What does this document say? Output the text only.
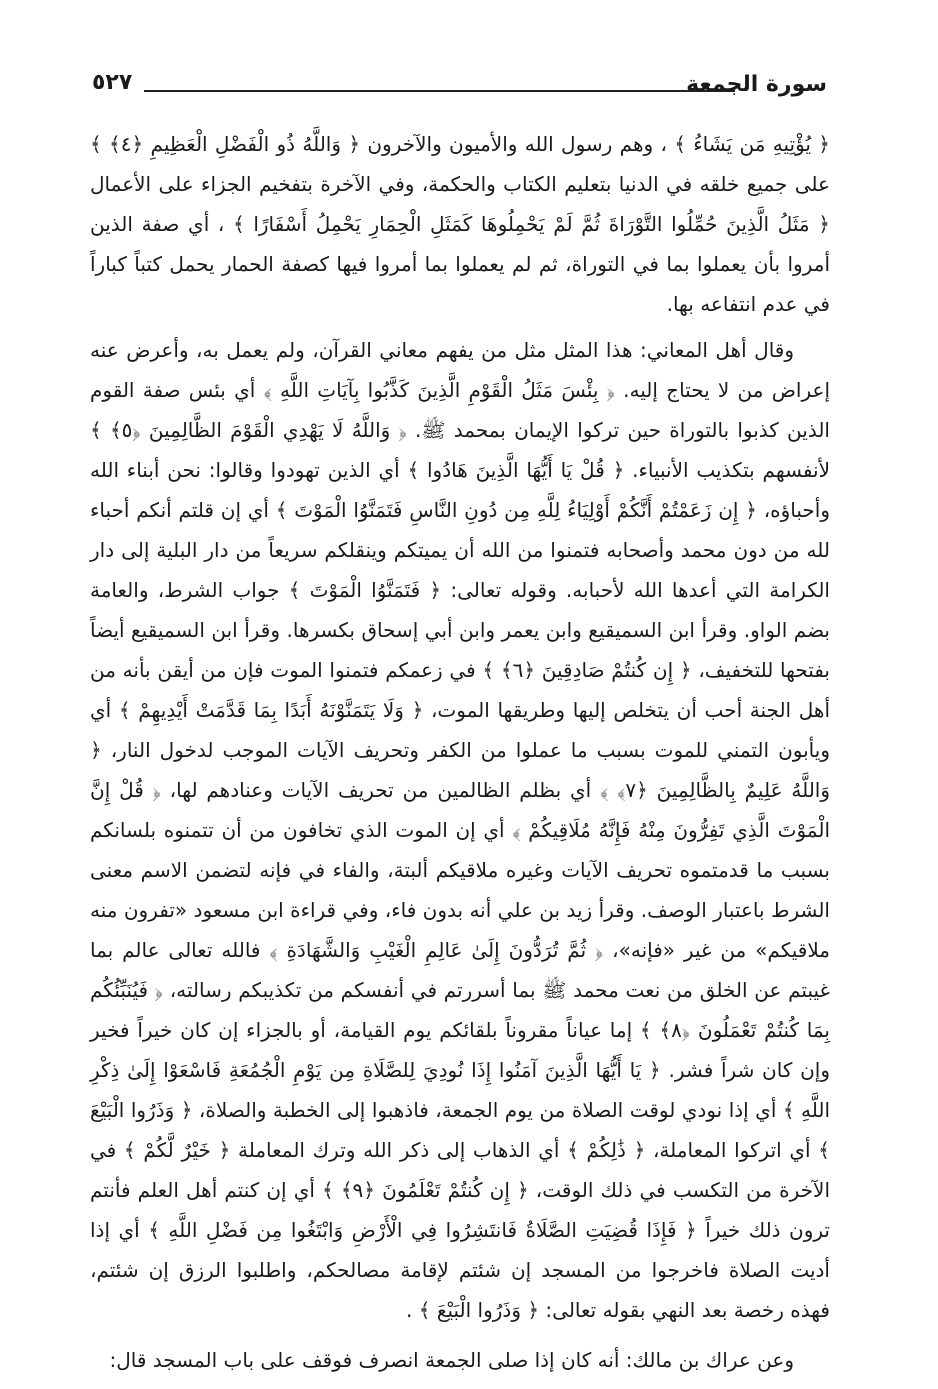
٥٢٧	سورة الجمعة

﴿ يُؤْتِيهِ مَن يَشَاءُ ﴾ ، وهم رسول الله والأميون والآخرون ﴿ وَاللَّهُ ذُو الْفَضْلِ الْعَظِيمِ ﴿٤﴾ ﴾ على جميع خلقه في الدنيا بتعليم الكتاب والحكمة، وفي الآخرة بتفخيم الجزاء على الأعمال ﴿ مَثَلُ الَّذِينَ حُمِّلُوا التَّوْرَاةَ ثُمَّ لَمْ يَحْمِلُوهَا كَمَثَلِ الْحِمَارِ يَحْمِلُ أَسْفَارًا ﴾ ، أي صفة الذين أمروا بأن يعملوا بما في التوراة، ثم لم يعملوا بما أمروا فيها كصفة الحمار يحمل كتباً كباراً في عدم انتفاعه بها.

وقال أهل المعاني: هذا المثل مثل من يفهم معاني القرآن، ولم يعمل به، وأعرض عنه إعراض من لا يحتاج إليه. ﴿ بِئْسَ مَثَلُ الْقَوْمِ الَّذِينَ كَذَّبُوا بِآيَاتِ اللَّهِ ﴾ أي بئس صفة القوم الذين كذبوا بالتوراة حين تركوا الإيمان بمحمد ﷺ. ﴿ وَاللَّهُ لَا يَهْدِي الْقَوْمَ الظَّالِمِينَ ﴿٥﴾ ﴾ لأنفسهم بتكذيب الأنبياء. ﴿ قُلْ يَا أَيُّهَا الَّذِينَ هَادُوا ﴾ أي الذين تهودوا وقالوا: نحن أبناء الله وأحباؤه، ﴿ إِن زَعَمْتُمْ أَنَّكُمْ أَوْلِيَاءُ لِلَّهِ مِن دُونِ النَّاسِ فَتَمَنَّوُا الْمَوْتَ ﴾ أي إن قلتم أنكم أحباء لله من دون محمد وأصحابه فتمنوا من الله أن يميتكم وينقلكم سريعاً من دار البلية إلى دار الكرامة التي أعدها الله لأحبابه. وقوله تعالى: ﴿ فَتَمَنَّوُا الْمَوْتَ ﴾ جواب الشرط، والعامة بضم الواو. وقرأ ابن السميقيع وابن يعمر وابن أبي إسحاق بكسرها. وقرأ ابن السميقيع أيضاً بفتحها للتخفيف، ﴿ إِن كُنتُمْ صَادِقِينَ ﴿٦﴾ ﴾ في زعمكم فتمنوا الموت فإن من أيقن بأنه من أهل الجنة أحب أن يتخلص إليها وطريقها الموت، ﴿ وَلَا يَتَمَنَّوْنَهُ أَبَدًا بِمَا قَدَّمَتْ أَيْدِيهِمْ ﴾ أي ويأبون التمني للموت بسبب ما عملوا من الكفر وتحريف الآيات الموجب لدخول النار، ﴿ وَاللَّهُ عَلِيمٌ بِالظَّالِمِينَ ﴿٧﴾ ﴾ أي بظلم الظالمين من تحريف الآيات وعنادهم لها، ﴿ قُلْ إِنَّ الْمَوْتَ الَّذِي تَفِرُّونَ مِنْهُ فَإِنَّهُ مُلَاقِيكُمْ ﴾ أي إن الموت الذي تخافون من أن تتمنوه بلسانكم بسبب ما قدمتموه تحريف الآيات وغيره ملاقيكم ألبتة، والفاء في فإنه لتضمن الاسم معنى الشرط باعتبار الوصف. وقرأ زيد بن علي أنه بدون فاء، وفي قراءة ابن مسعود «تفرون منه ملاقيكم» من غير «فإنه»، ﴿ ثُمَّ تُرَدُّونَ إِلَىٰ عَالِمِ الْغَيْبِ وَالشَّهَادَةِ ﴾ فالله تعالى عالم بما غيبتم عن الخلق من نعت محمد ﷺ بما أسررتم في أنفسكم من تكذيبكم رسالته، ﴿ فَيُنَبِّئُكُم بِمَا كُنتُمْ تَعْمَلُونَ ﴿٨﴾ ﴾ إما عياناً مقروناً بلقائكم يوم القيامة، أو بالجزاء إن كان خيراً فخير وإن كان شراً فشر. ﴿ يَا أَيُّهَا الَّذِينَ آمَنُوا إِذَا نُودِيَ لِلصَّلَاةِ مِن يَوْمِ الْجُمُعَةِ فَاسْعَوْا إِلَىٰ ذِكْرِ اللَّهِ ﴾ أي إذا نودي لوقت الصلاة من يوم الجمعة، فاذهبوا إلى الخطبة والصلاة، ﴿ وَذَرُوا الْبَيْعَ ﴾ أي اتركوا المعاملة، ﴿ ذَٰلِكُمْ ﴾ أي الذهاب إلى ذكر الله وترك المعاملة ﴿ خَيْرٌ لَّكُمْ ﴾ في الآخرة من التكسب في ذلك الوقت، ﴿ إِن كُنتُمْ تَعْلَمُونَ ﴿٩﴾ ﴾ أي إن كنتم أهل العلم فأنتم ترون ذلك خيراً ﴿ فَإِذَا قُضِيَتِ الصَّلَاةُ فَانتَشِرُوا فِي الْأَرْضِ وَابْتَغُوا مِن فَضْلِ اللَّهِ ﴾ أي إذا أديت الصلاة فاخرجوا من المسجد إن شئتم لإقامة مصالحكم، واطلبوا الرزق إن شئتم، فهذه رخصة بعد النهي بقوله تعالى: ﴿ وَذَرُوا الْبَيْعَ ﴾ .

وعن عراك بن مالك: أنه كان إذا صلى الجمعة انصرف فوقف على باب المسجد قال:
